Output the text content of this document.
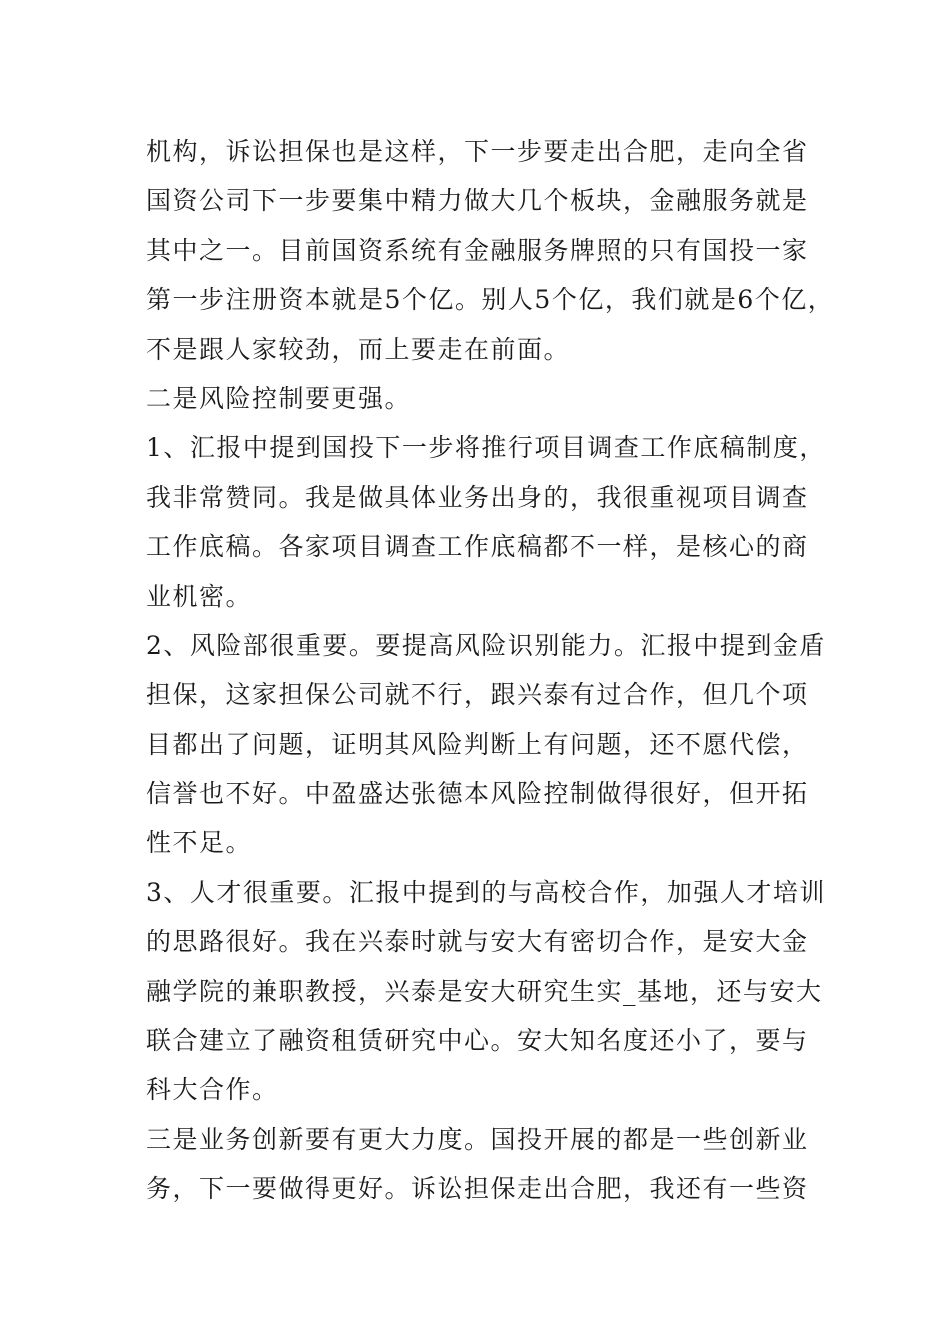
机构，诉讼担保也是这样，下一步要走出合肥，走向全省
国资公司下一步要集中精力做大几个板块，金融服务就是
其中之一。目前国资系统有金融服务牌照的只有国投一家
第一步注册资本就是5个亿。别人5个亿，我们就是6个亿，
不是跟人家较劲，而上要走在前面。
二是风险控制要更强。
1、汇报中提到国投下一步将推行项目调查工作底稿制度，
我非常赞同。我是做具体业务出身的，我很重视项目调查
工作底稿。各家项目调查工作底稿都不一样，是核心的商
业机密。
2、风险部很重要。要提高风险识别能力。汇报中提到金盾
担保，这家担保公司就不行，跟兴泰有过合作，但几个项
目都出了问题，证明其风险判断上有问题，还不愿代偿，
信誉也不好。中盈盛达张德本风险控制做得很好，但开拓
性不足。
3、人才很重要。汇报中提到的与高校合作，加强人才培训
的思路很好。我在兴泰时就与安大有密切合作，是安大金
融学院的兼职教授，兴泰是安大研究生实_基地，还与安大
联合建立了融资租赁研究中心。安大知名度还小了，要与
科大合作。
三是业务创新要有更大力度。国投开展的都是一些创新业
务，下一要做得更好。诉讼担保走出合肥，我还有一些资
